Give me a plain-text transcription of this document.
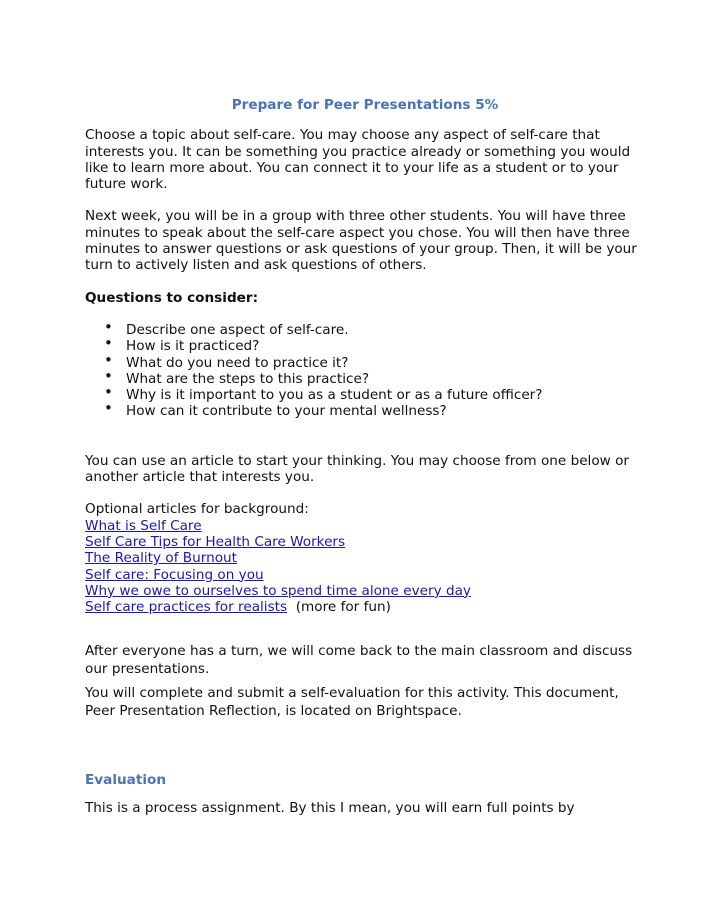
Prepare for Peer Presentations 5%

Choose a topic about self-care. You may choose any aspect of self-care that interests you. It can be something you practice already or something you would like to learn more about. You can connect it to your life as a student or to your future work.

Next week, you will be in a group with three other students. You will have three minutes to speak about the self-care aspect you chose. You will then have three minutes to answer questions or ask questions of your group. Then, it will be your turn to actively listen and ask questions of others.

Questions to consider:

• Describe one aspect of self-care.
• How is it practiced?
• What do you need to practice it?
• What are the steps to this practice?
• Why is it important to you as a student or as a future officer?
• How can it contribute to your mental wellness?

You can use an article to start your thinking. You may choose from one below or another article that interests you.

Optional articles for background:

What is Self Care
Self Care Tips for Health Care Workers
The Reality of Burnout
Self care: Focusing on you
Why we owe to ourselves to spend time alone every day
Self care practices for realists (more for fun)

After everyone has a turn, we will come back to the main classroom and discuss our presentations.

You will complete and submit a self-evaluation for this activity. This document, Peer Presentation Reflection, is located on Brightspace.

Evaluation

This is a process assignment. By this I mean, you will earn full points by
